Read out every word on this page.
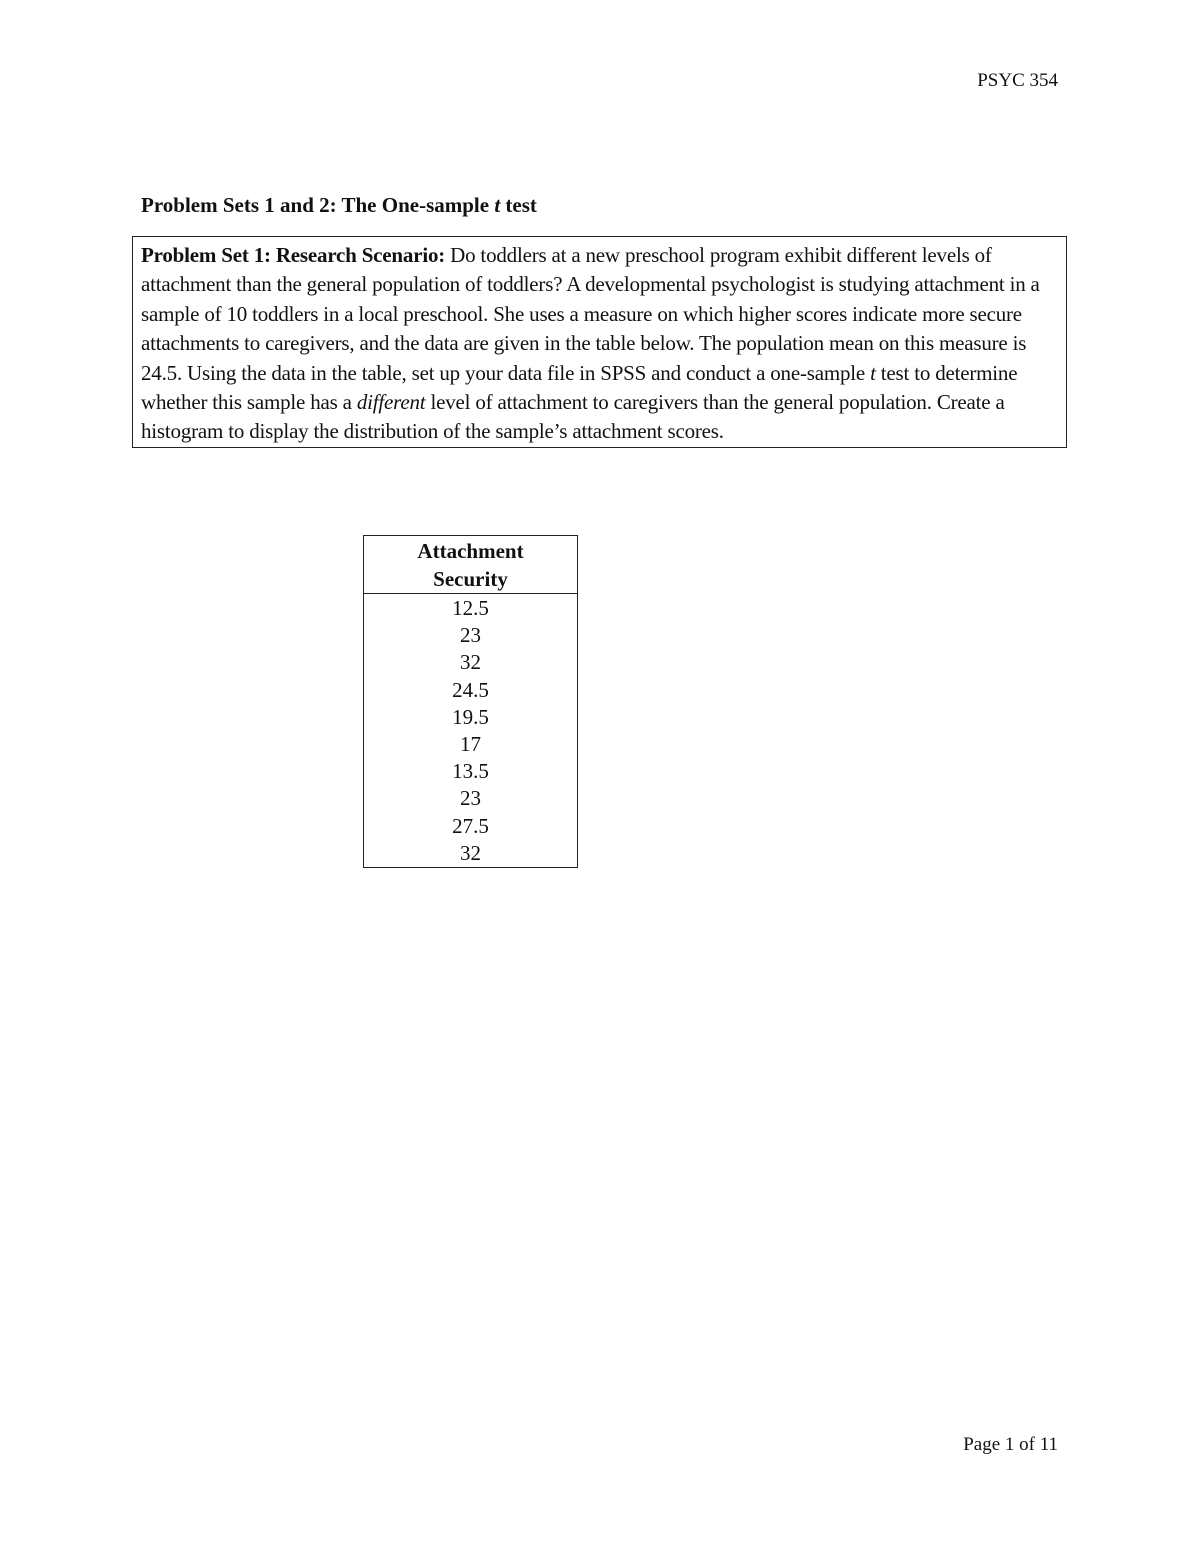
PSYC 354
Problem Sets 1 and 2: The One-sample t test
Problem Set 1: Research Scenario: Do toddlers at a new preschool program exhibit different levels of attachment than the general population of toddlers? A developmental psychologist is studying attachment in a sample of 10 toddlers in a local preschool. She uses a measure on which higher scores indicate more secure attachments to caregivers, and the data are given in the table below. The population mean on this measure is 24.5. Using the data in the table, set up your data file in SPSS and conduct a one-sample t test to determine whether this sample has a different level of attachment to caregivers than the general population. Create a histogram to display the distribution of the sample’s attachment scores.
Attachment
Security
12.5
23
32
24.5
19.5
17
13.5
23
27.5
32
Page 1 of 11
